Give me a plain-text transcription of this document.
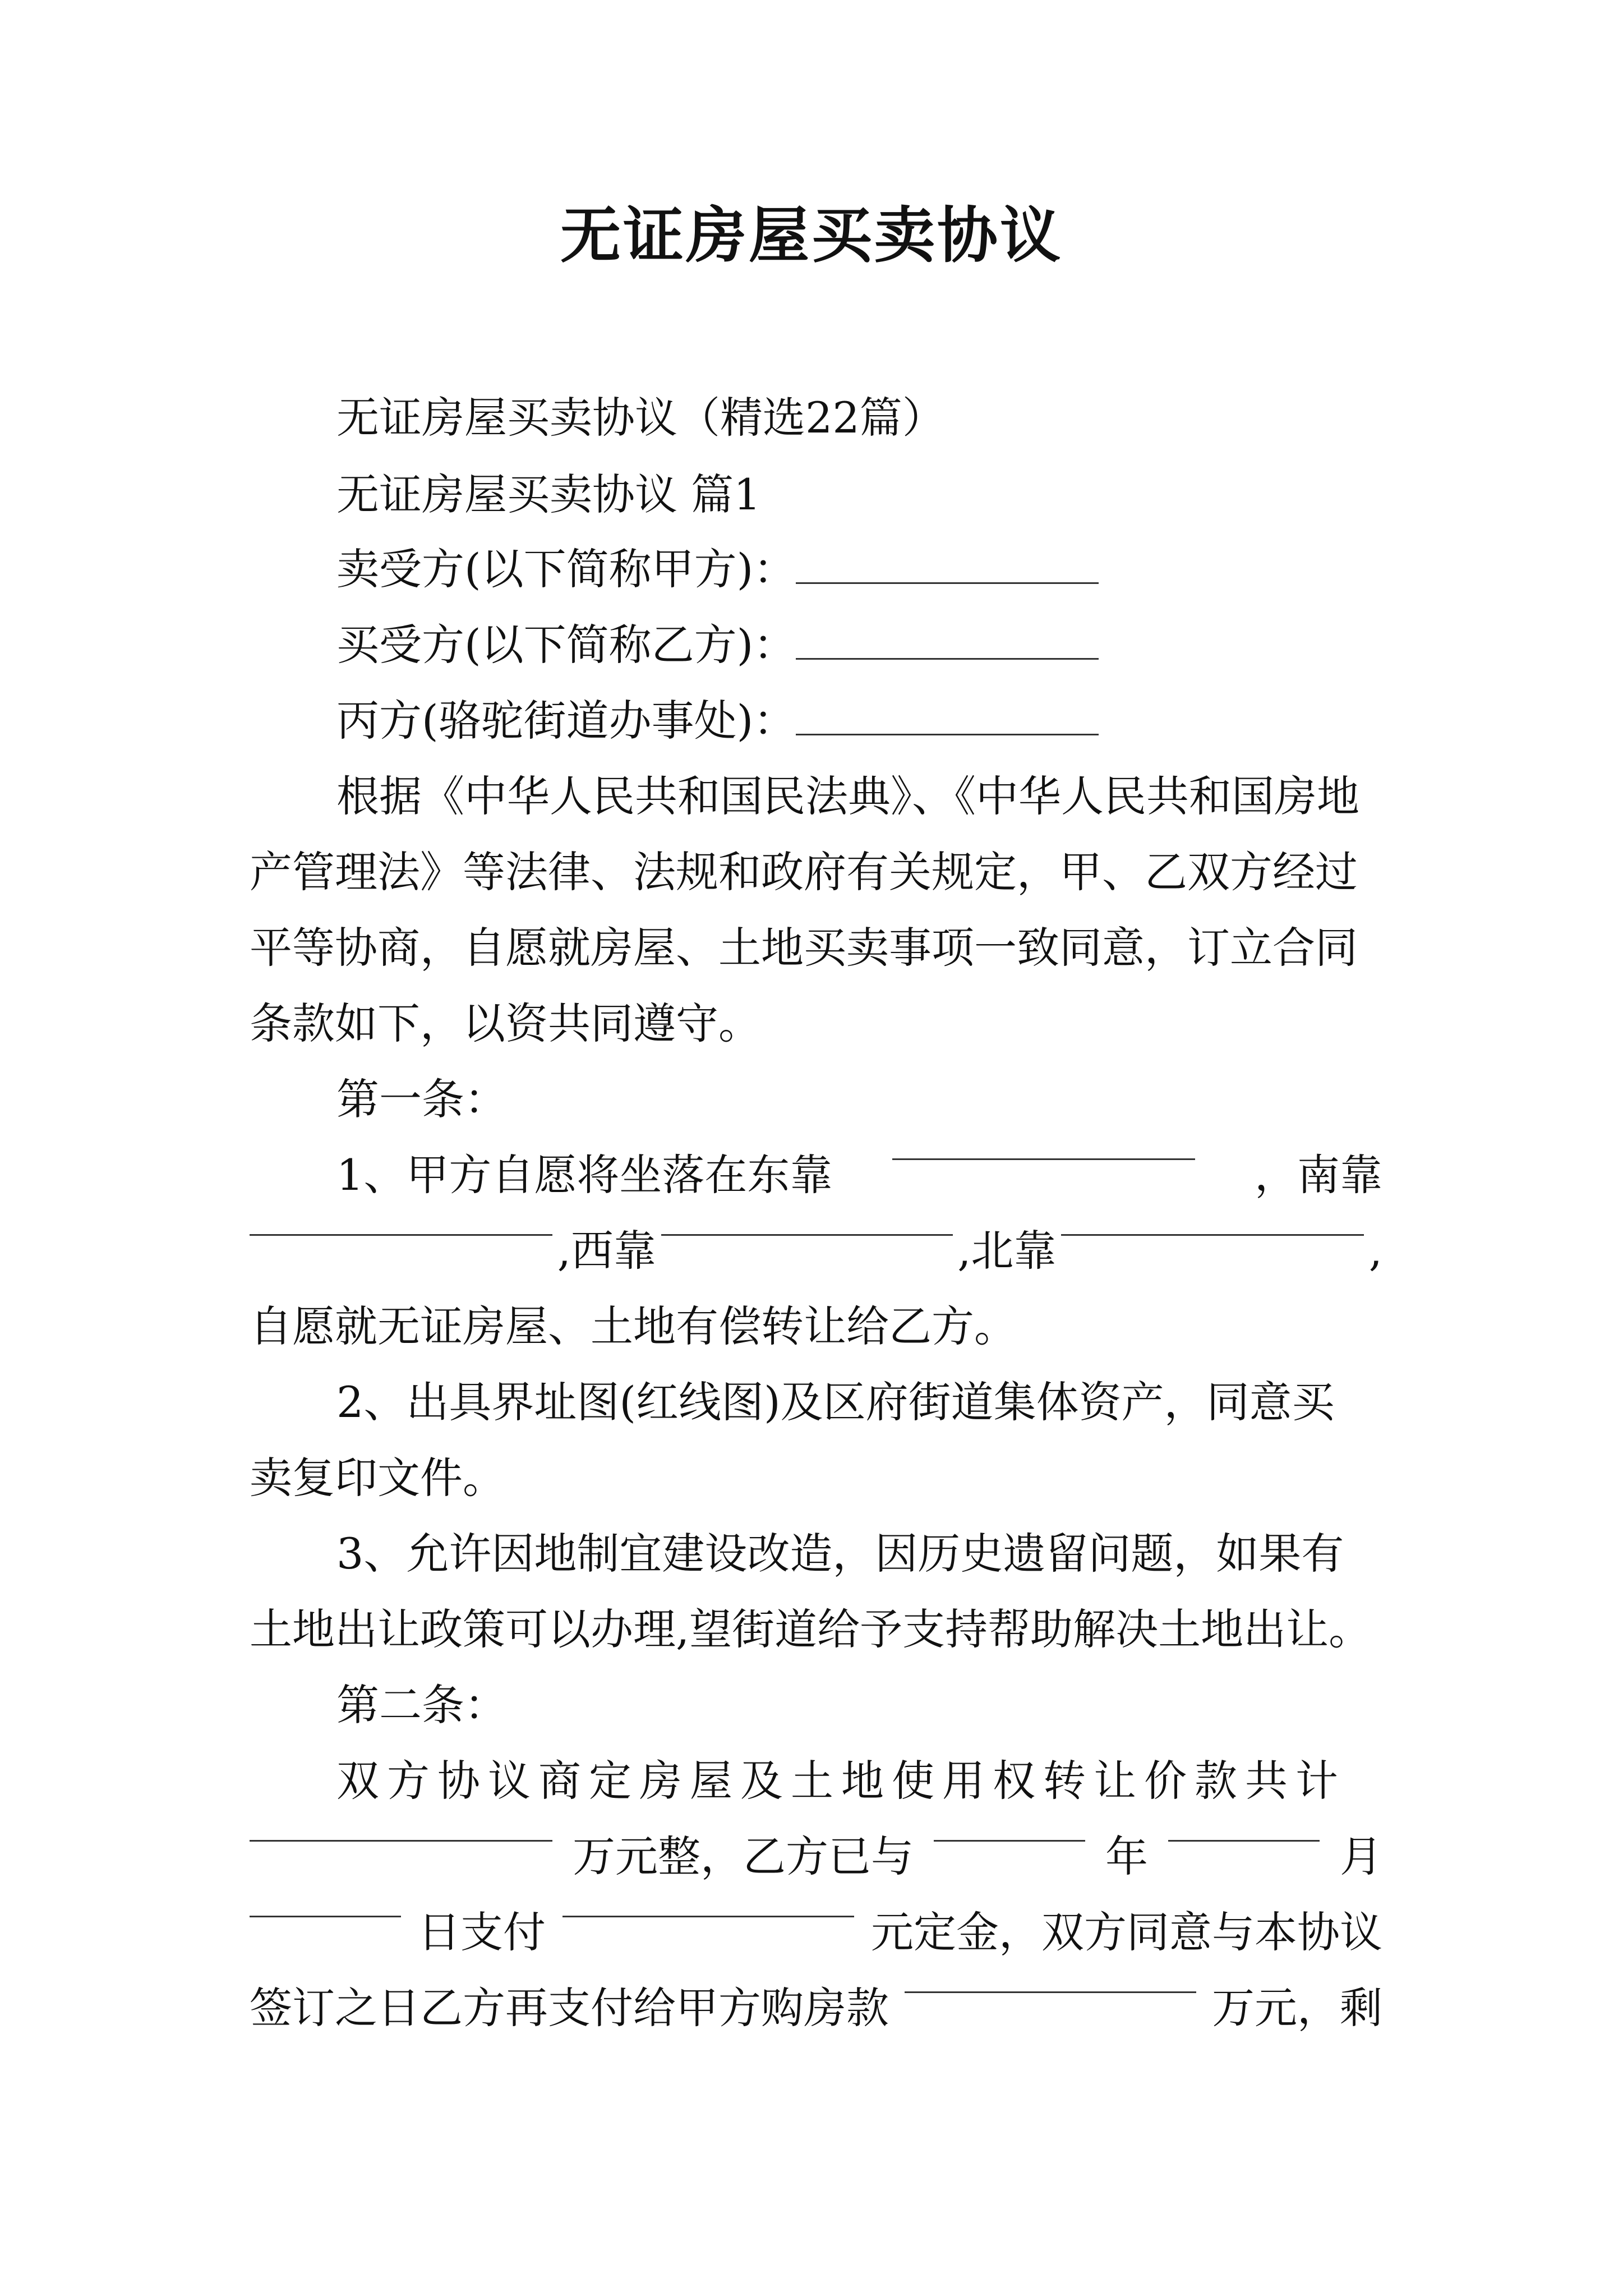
无证房屋买卖协议
无证房屋买卖协议（精选22篇）
无证房屋买卖协议 篇1
卖受方(以下简称甲方)：
买受方(以下简称乙方)：
丙方(骆驼街道办事处)：
根据《中华人民共和国民法典》、《中华人民共和国房地
产管理法》等法律、法规和政府有关规定，甲、乙双方经过
平等协商，自愿就房屋、土地买卖事项一致同意，订立合同
条款如下，以资共同遵守。
第一条：
1、甲方自愿将坐落在东靠	，南靠
,西靠	,北靠	,
自愿就无证房屋、土地有偿转让给乙方。
2、出具界址图(红线图)及区府街道集体资产，同意买
卖复印文件。
3、允许因地制宜建设改造，因历史遗留问题，如果有
土地出让政策可以办理,望街道给予支持帮助解决土地出让。
第二条：
双方协议商定房屋及土地使用权转让价款共计
万元整，乙方已与	年	月
日支付	元定金，双方同意与本协议
签订之日乙方再支付给甲方购房款	万元，剩
